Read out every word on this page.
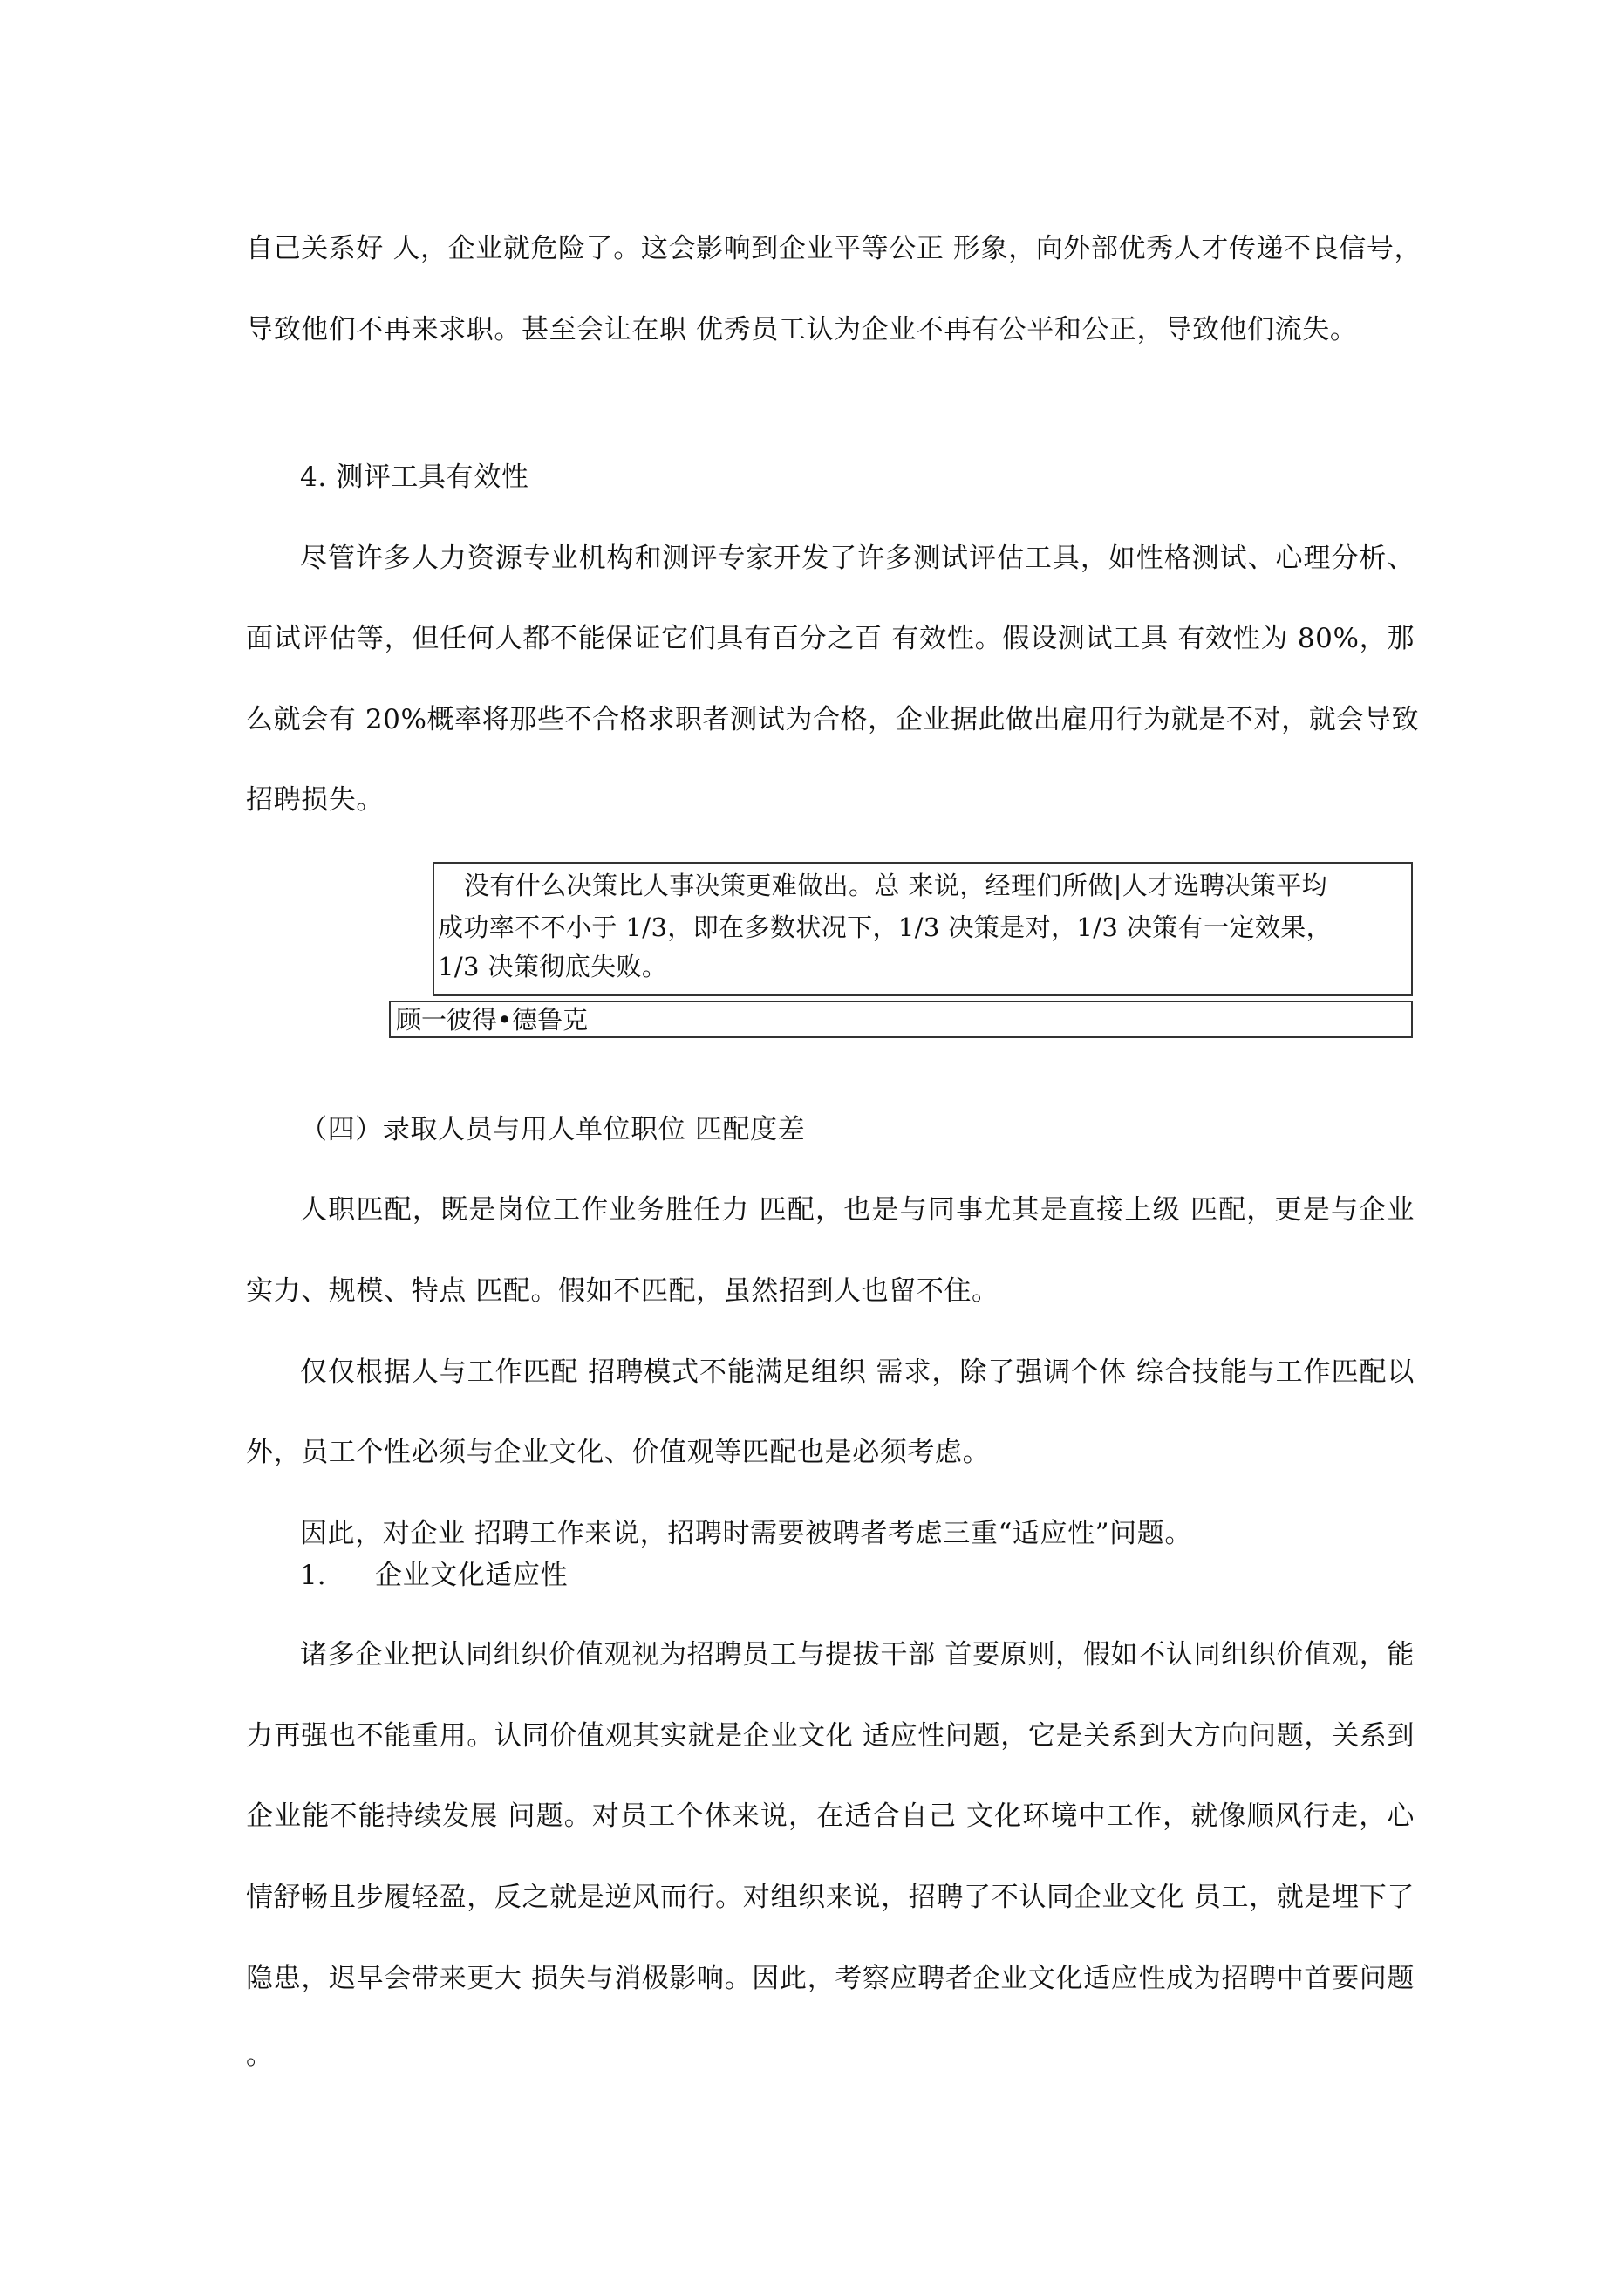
自己关系好 人，企业就危险了。这会影响到企业平等公正 形象，向外部优秀人才传递不良信号，
导致他们不再来求职。甚至会让在职 优秀员工认为企业不再有公平和公正，导致他们流失。
4. 测评工具有效性
尽管许多人力资源专业机构和测评专家开发了许多测试评估工具，如性格测试、心理分析、
面试评估等，但任何人都不能保证它们具有百分之百 有效性。假设测试工具 有效性为 80%，那
么就会有 20%概率将那些不合格求职者测试为合格，企业据此做出雇用行为就是不对，就会导致
招聘损失。
没有什么决策比人事决策更难做出。总 来说，经理们所做|人才选聘决策平均
成功率不不小于 1/3，即在多数状况下，1/3 决策是对，1/3 决策有一定效果，
1/3 决策彻底失败。
顾一彼得•德鲁克
（四）录取人员与用人单位职位 匹配度差
人职匹配，既是岗位工作业务胜任力 匹配，也是与同事尤其是直接上级 匹配，更是与企业
实力、规模、特点 匹配。假如不匹配，虽然招到人也留不住。
仅仅根据人与工作匹配 招聘模式不能满足组织 需求，除了强调个体 综合技能与工作匹配以
外，员工个性必须与企业文化、价值观等匹配也是必须考虑。
因此，对企业 招聘工作来说，招聘时需要被聘者考虑三重“适应性”问题。
1. 企业文化适应性
诸多企业把认同组织价值观视为招聘员工与提拔干部 首要原则，假如不认同组织价值观，能
力再强也不能重用。认同价值观其实就是企业文化 适应性问题，它是关系到大方向问题，关系到
企业能不能持续发展 问题。对员工个体来说，在适合自己 文化环境中工作，就像顺风行走，心
情舒畅且步履轻盈，反之就是逆风而行。对组织来说，招聘了不认同企业文化 员工，就是埋下了
隐患，迟早会带来更大 损失与消极影响。因此，考察应聘者企业文化适应性成为招聘中首要问题
。
